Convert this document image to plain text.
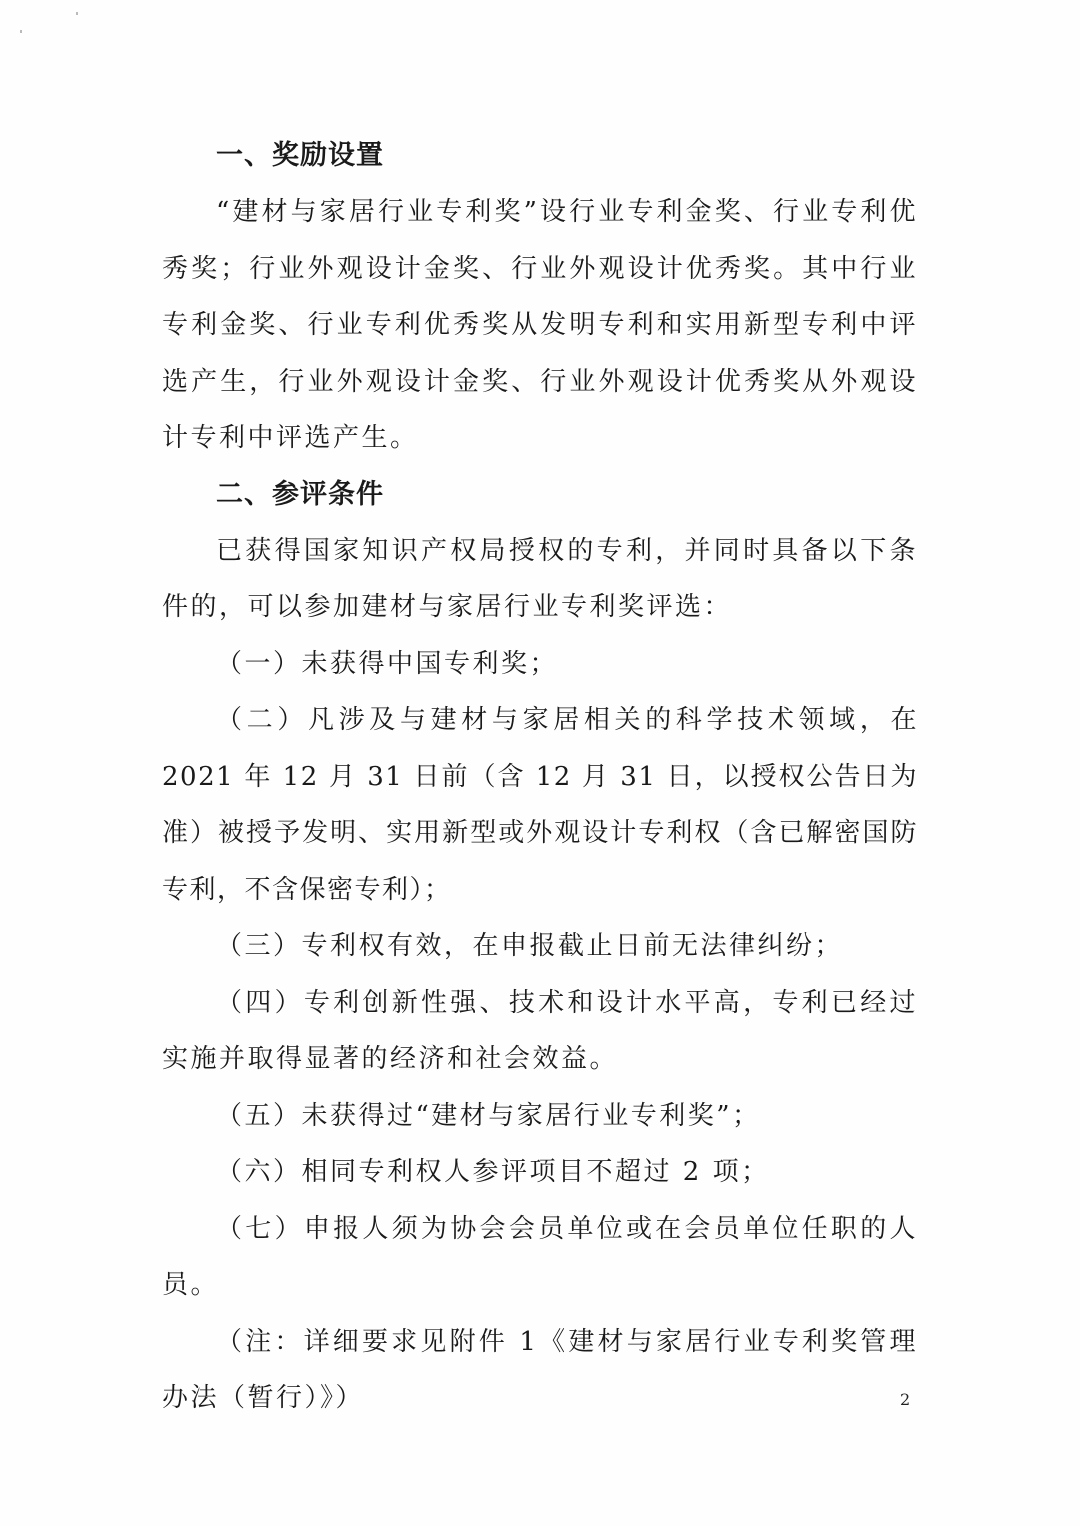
一、奖励设置

“建材与家居行业专利奖”设行业专利金奖、行业专利优秀奖；行业外观设计金奖、行业外观设计优秀奖。其中行业专利金奖、行业专利优秀奖从发明专利和实用新型专利中评选产生，行业外观设计金奖、行业外观设计优秀奖从外观设计专利中评选产生。

二、参评条件

已获得国家知识产权局授权的专利，并同时具备以下条件的，可以参加建材与家居行业专利奖评选：

（一）未获得中国专利奖；

（二）凡涉及与建材与家居相关的科学技术领域，在 2021 年 12 月 31 日前（含 12 月 31 日，以授权公告日为准）被授予发明、实用新型或外观设计专利权（含已解密国防专利，不含保密专利）；

（三）专利权有效，在申报截止日前无法律纠纷；

（四）专利创新性强、技术和设计水平高，专利已经过实施并取得显著的经济和社会效益。

（五）未获得过“建材与家居行业专利奖”；

（六）相同专利权人参评项目不超过 2 项；

（七）申报人须为协会会员单位或在会员单位任职的人员。

（注：详细要求见附件 1《建材与家居行业专利奖管理办法（暂行）》）	2
